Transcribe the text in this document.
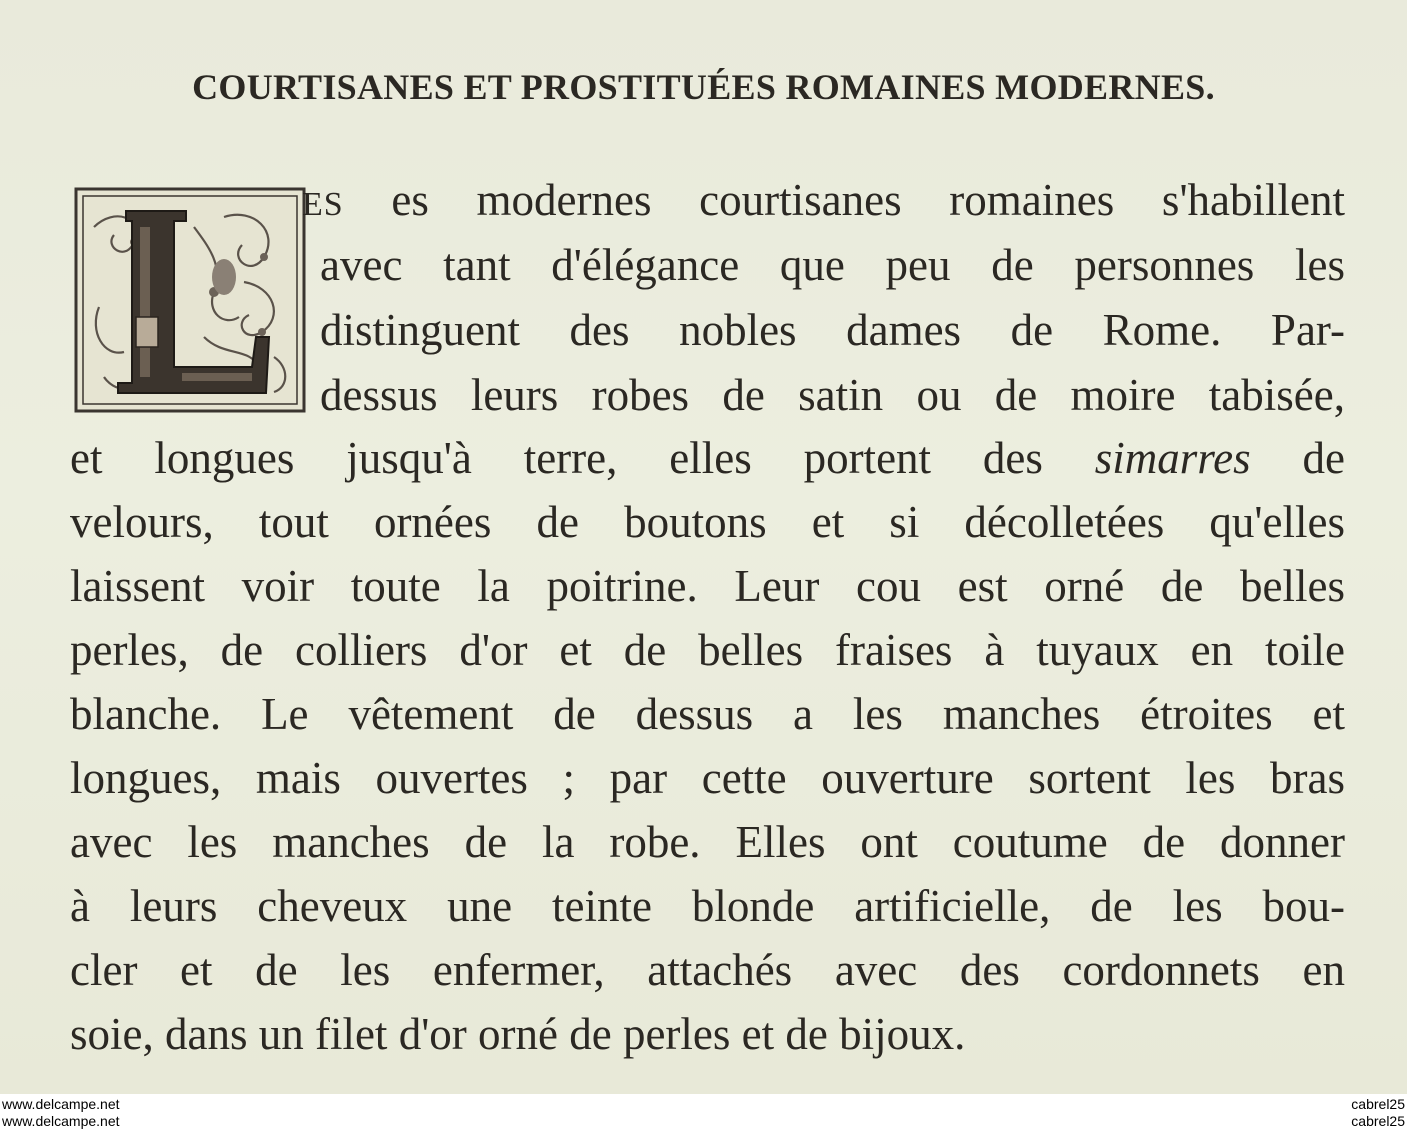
COURTISANES ET PROSTITUÉES ROMAINES MODERNES.
ES es modernes courtisanes romaines s'habillent
avec tant d'élégance que peu de personnes les
distinguent des nobles dames de Rome. Par-
dessus leurs robes de satin ou de moire tabisée,
et longues jusqu'à terre, elles portent des simarres de
velours, tout ornées de boutons et si décolletées qu'elles
laissent voir toute la poitrine. Leur cou est orné de belles
perles, de colliers d'or et de belles fraises à tuyaux en toile
blanche. Le vêtement de dessus a les manches étroites et
longues, mais ouvertes ; par cette ouverture sortent les bras
avec les manches de la robe. Elles ont coutume de donner
à leurs cheveux une teinte blonde artificielle, de les bou-
cler et de les enfermer, attachés avec des cordonnets en
soie, dans un filet d'or orné de perles et de bijoux.
www.delcampe.net
www.delcampe.net
cabrel25
cabrel25
